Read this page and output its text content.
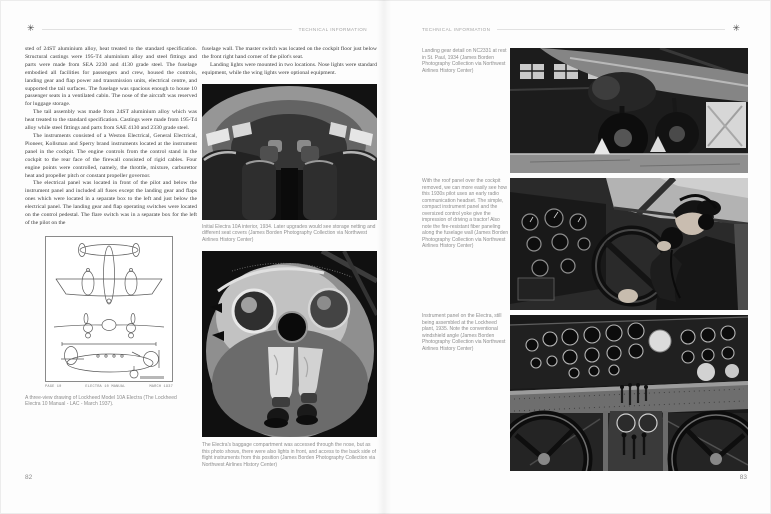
✳	TECHNICAL INFORMATION

sted of 24ST aluminium alloy, heat treated to the standard specification. Structural castings were 195-T4 aluminium alloy and steel fittings and parts were made from SEA 2230 and 4130 grade steel. The fuselage embodied all facilities for passengers and crew, housed the controls, landing gear and flap power and transmission units, electrical centre, and supported the tail surfaces. The fuselage was spacious enough to house 10 passenger seats in a ventilated cabin. The nose of the aircraft was reserved for luggage storage.

The tail assembly was made from 24ST aluminium alloy which was heat treated to the standard specification. Castings were made from 195-T4 alloy while steel fittings and parts from SAE 4130 and 2330 grade steel.

The instruments consisted of a Weston Electrical, General Electrical, Pioneer, Kollsman and Sperry brand instruments located at the instrument panel in the cockpit. The engine controls from the control stand in the cockpit to the rear face of the firewall consisted of rigid cables. Four engine points were controlled, namely, the throttle, mixture, carburettor heat and propeller pitch or constant propeller governor.

The electrical panel was located in front of the pilot and below the instrument panel and included all fuses except the landing gear and flaps ones which were located in a separate box to the left and just below the electrical panel. The landing gear and flap operating switches were located on the control pedestal. The flare switch was in a separate box for the left of the pilot on the

PAGE 10	ELECTRA 10 MANUAL	MARCH 1937
A three-view drawing of Lockheed Model 10A Electra (The Lockheed Electra 10 Manual - LAC - March 1937).

fuselage wall. The master switch was located on the cockpit floor just below the front right hand corner of the pilot's seat.

Landing lights were mounted in two locations. Nose lights were standard equipment, while the wing lights were optional equipment.

Initial Electra 10A interior, 1934. Later upgrades would see storage netting and different seat covers (James Borden Photography Collection via Northwest Airlines History Center)
The Electra's baggage compartment was accessed through the nose, but as this photo shows, there were also lights in front, and access to the back side of flight instruments from this position (James Borden Photography Collection via Northwest Airlines History Center)
82
TECHNICAL INFORMATION	✳
Landing gear detail on NC2331 at rest in St. Paul, 1934 (James Borden Photography Collection via Northwest Airlines History Center)
With the roof panel over the cockpit removed, we can more easily see how this 1930s pilot uses an early radio communication headset. The simple, compact instrument panel and the oversized control yoke give the impression of driving a tractor! Also note the fire-resistant fiber paneling along the fuselage wall (James Borden Photography Collection via Northwest Airlines History Center)
Instrument panel on the Electra, still being assembled at the Lockheed plant, 1935. Note the conventional windshield angle (James Borden Photography Collection via Northwest Airlines History Center)
83
